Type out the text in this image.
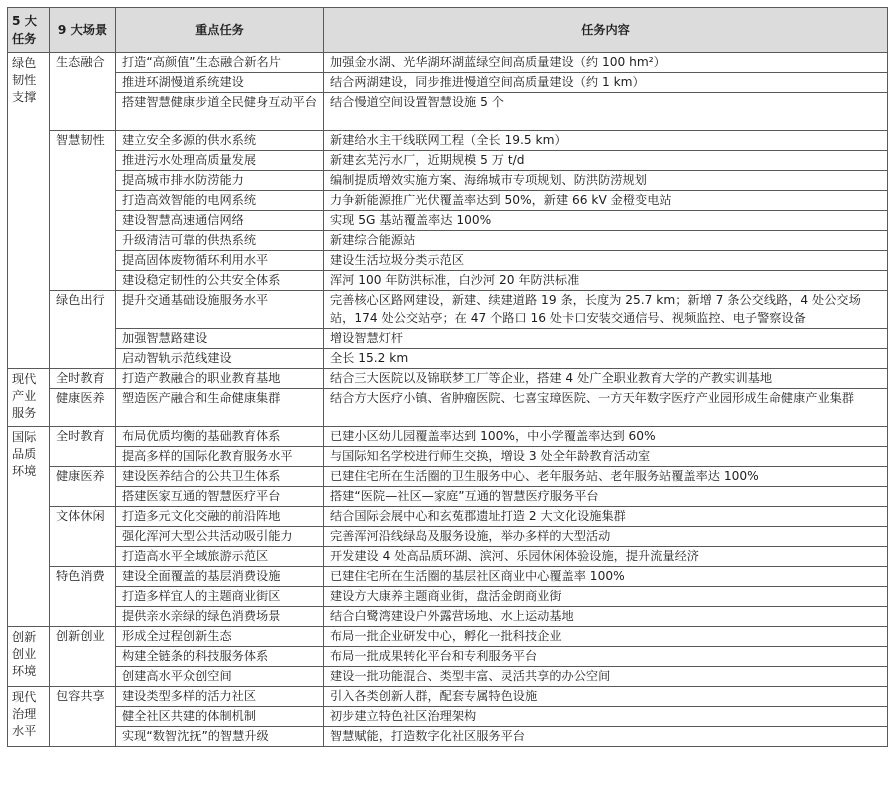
5 大任务	9 大场景	重点任务	任务内容
绿色韧性支撑	生态融合	打造“高颜值”生态融合新名片	加强金水湖、光华湖环湖蓝绿空间高质量建设（约 100 hm²）
		推进环湖慢道系统建设	结合两湖建设，同步推进慢道空间高质量建设（约 1 km）
		搭建智慧健康步道全民健身互动平台	结合慢道空间设置智慧设施 5 个
	智慧韧性	建立安全多源的供水系统	新建给水主干线联网工程（全长 19.5 km）
		推进污水处理高质量发展	新建玄芜污水厂，近期规模 5 万 t/d
		提高城市排水防涝能力	编制提质增效实施方案、海绵城市专项规划、防洪防涝规划
		打造高效智能的电网系统	力争新能源推广光伏覆盖率达到 50%，新建 66 kV 金橙变电站
		建设智慧高速通信网络	实现 5G 基站覆盖率达 100%
		升级清洁可靠的供热系统	新建综合能源站
		提高固体废物循环利用水平	建设生活垃圾分类示范区
		建设稳定韧性的公共安全体系	浑河 100 年防洪标准，白沙河 20 年防洪标准
	绿色出行	提升交通基础设施服务水平	完善核心区路网建设，新建、续建道路 19 条，长度为 25.7 km；新增 7 条公交线路，4 处公交场站，174 处公交站亭；在 47 个路口 16 处卡口安装交通信号、视频监控、电子警察设备
		加强智慧路建设	增设智慧灯杆
		启动智轨示范线建设	全长 15.2 km
现代产业服务	全时教育	打造产教融合的职业教育基地	结合三大医院以及锦联梦工厂等企业，搭建 4 处广全职业教育大学的产教实训基地
	健康医养	塑造医产融合和生命健康集群	结合方大医疗小镇、省肿瘤医院、七喜宝璋医院、一方天年数字医疗产业园形成生命健康产业集群
国际品质环境	全时教育	布局优质均衡的基础教育体系	已建小区幼儿园覆盖率达到 100%，中小学覆盖率达到 60%
		提高多样的国际化教育服务水平	与国际知名学校进行师生交换，增设 3 处全年龄教育活动室
	健康医养	建设医养结合的公共卫生体系	已建住宅所在生活圈的卫生服务中心、老年服务站、老年服务站覆盖率达 100%
		搭建医家互通的智慧医疗平台	搭建“医院—社区—家庭”互通的智慧医疗服务平台
	文体休闲	打造多元文化交融的前沿阵地	结合国际会展中心和玄菟郡遗址打造 2 大文化设施集群
		强化浑河大型公共活动吸引能力	完善浑河沿线绿岛及服务设施，举办多样的大型活动
		打造高水平全域旅游示范区	开发建设 4 处高品质环湖、滨河、乐园休闲体验设施，提升流量经济
	特色消费	建设全面覆盖的基层消费设施	已建住宅所在生活圈的基层社区商业中心覆盖率 100%
		打造多样宜人的主题商业街区	建设方大康养主题商业街，盘活金朗商业街
		提供亲水亲绿的绿色消费场景	结合白鹭湾建设户外露营场地、水上运动基地
创新创业环境	创新创业	形成全过程创新生态	布局一批企业研发中心，孵化一批科技企业
		构建全链条的科技服务体系	布局一批成果转化平台和专利服务平台
		创建高水平众创空间	建设一批功能混合、类型丰富、灵活共享的办公空间
现代治理水平	包容共享	建设类型多样的活力社区	引入各类创新人群，配套专属特色设施
		健全社区共建的体制机制	初步建立特色社区治理架构
		实现“数智沈抚”的智慧升级	智慧赋能，打造数字化社区服务平台
